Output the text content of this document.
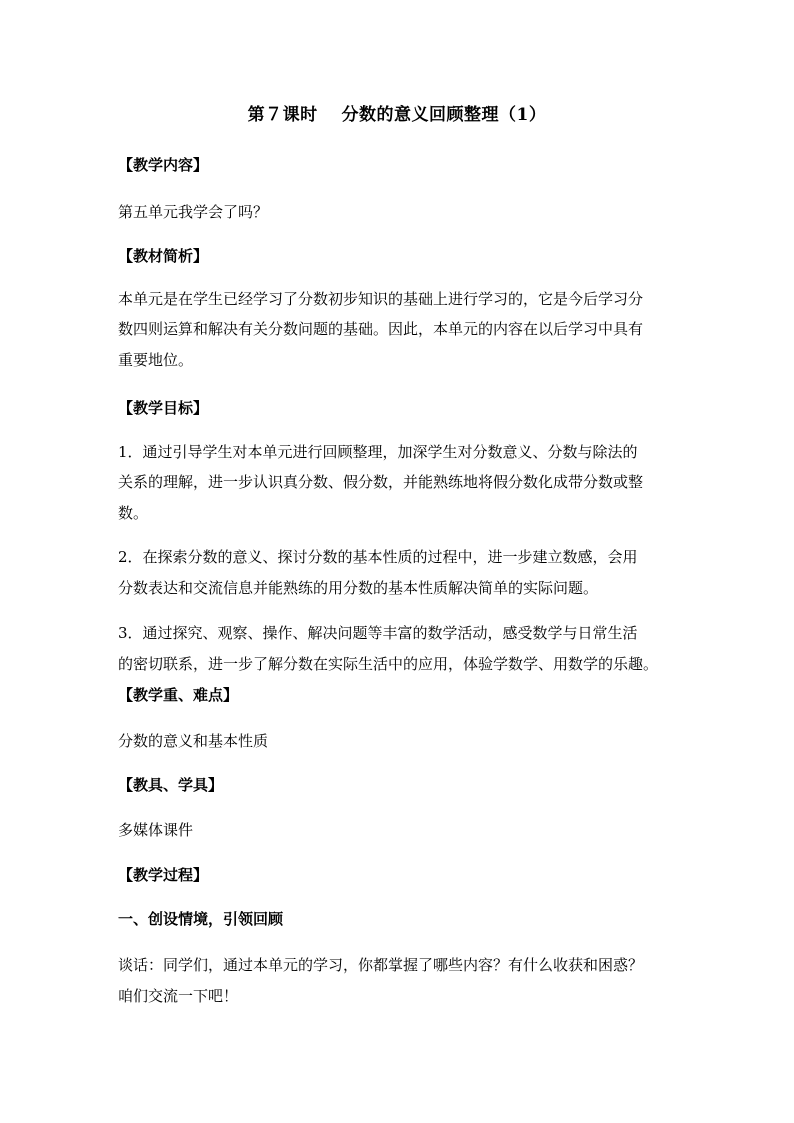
第７课时　 分数的意义回顾整理（1）

【教学内容】

第五单元我学会了吗？

【教材简析】

本单元是在学生已经学习了分数初步知识的基础上进行学习的，它是今后学习分

数四则运算和解决有关分数问题的基础。因此，本单元的内容在以后学习中具有

重要地位。

【教学目标】

1．通过引导学生对本单元进行回顾整理，加深学生对分数意义、分数与除法的

关系的理解，进一步认识真分数、假分数，并能熟练地将假分数化成带分数或整

数。

2．在探索分数的意义、探讨分数的基本性质的过程中，进一步建立数感，会用

分数表达和交流信息并能熟练的用分数的基本性质解决简单的实际问题。

3．通过探究、观察、操作、解决问题等丰富的数学活动，感受数学与日常生活

的密切联系，进一步了解分数在实际生活中的应用，体验学数学、用数学的乐趣。

【教学重、难点】

分数的意义和基本性质

【教具、学具】

多媒体课件

【教学过程】

一、创设情境，引领回顾

谈话：同学们，通过本单元的学习，你都掌握了哪些内容？有什么收获和困惑？

咱们交流一下吧！
